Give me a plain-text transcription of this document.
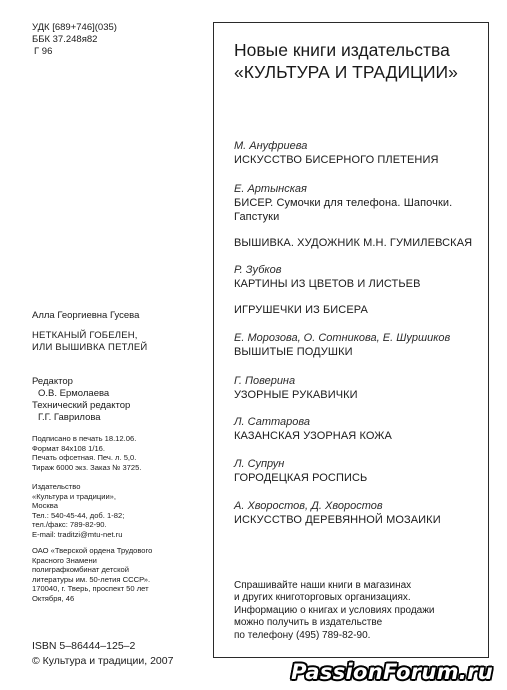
УДК [689+746](035)
ББК 37.248я82
Г 96
Алла Георгиевна Гусева
НЕТКАНЫЙ ГОБЕЛЕН,
ИЛИ ВЫШИВКА ПЕТЛЕЙ
Редактор
О.В. Ермолаева
Технический редактор
Г.Г. Гаврилова
Подписано в печать 18.12.06.
Формат 84x108 1/16.
Печать офсетная. Печ. л. 5,0.
Тираж 6000 экз. Заказ № 3725.
Издательство
«Культура и традиции»,
Москва
Тел.: 540-45-44, доб. 1-82;
тел./факс: 789-82-90.
E-mail: traditzi@mtu-net.ru
ОАО «Тверской ордена Трудового
Красного Знамени
полиграфкомбинат детской
литературы им. 50-летия СССР».
170040, г. Тверь, проспект 50 лет
Октября, 46
ISBN 5–86444–125–2
© Культура и традиции, 2007
Новые книги издательства
«КУЛЬТУРА И ТРАДИЦИИ»
М. Ануфриева
ИСКУССТВО БИСЕРНОГО ПЛЕТЕНИЯ
Е. Артынская
БИСЕР. Сумочки для телефона. Шапочки.
Гапстуки
ВЫШИВКА. ХУДОЖНИК М.Н. ГУМИЛЕВСКАЯ
Р. Зубков
КАРТИНЫ ИЗ ЦВЕТОВ И ЛИСТЬЕВ
ИГРУШЕЧКИ ИЗ БИСЕРА
Е. Морозова, О. Сотникова, Е. Шуршиков
ВЫШИТЫЕ ПОДУШКИ
Г. Поверина
УЗОРНЫЕ РУКАВИЧКИ
Л. Саттарова
КАЗАНСКАЯ УЗОРНАЯ КОЖА
Л. Супрун
ГОРОДЕЦКАЯ РОСПИСЬ
А. Хворостов, Д. Хворостов
ИСКУССТВО ДЕРЕВЯННОЙ МОЗАИКИ
Спрашивайте наши книги в магазинах
и других книготорговых организациях.
Информацию о книгах и условиях продажи
можно получить в издательстве
по телефону (495) 789-82-90.
PassionForum.ru
